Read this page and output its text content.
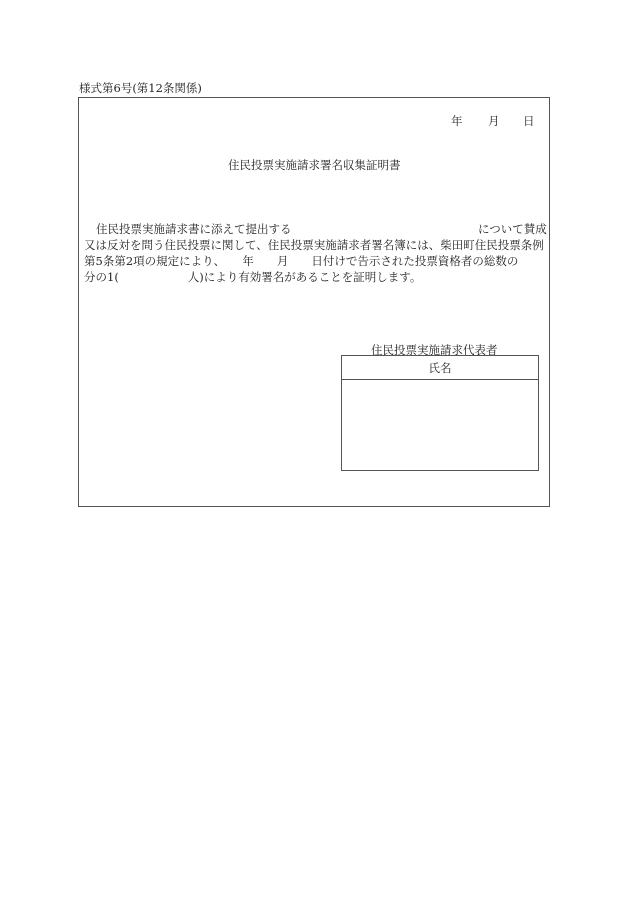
様式第6号(第12条関係)
年 月 日
住民投票実施請求署名収集証明書
住民投票実施請求書に添えて提出する	について賛成
又は反対を問う住民投票に関して、住民投票実施請求者署名簿には、柴田町住民投票条例
第5条第2項の規定により、　　年　　月　　日付けで告示された投票資格者の総数の
分の1(　　　　　　人)により有効署名があることを証明します。
住民投票実施請求代表者
氏名
